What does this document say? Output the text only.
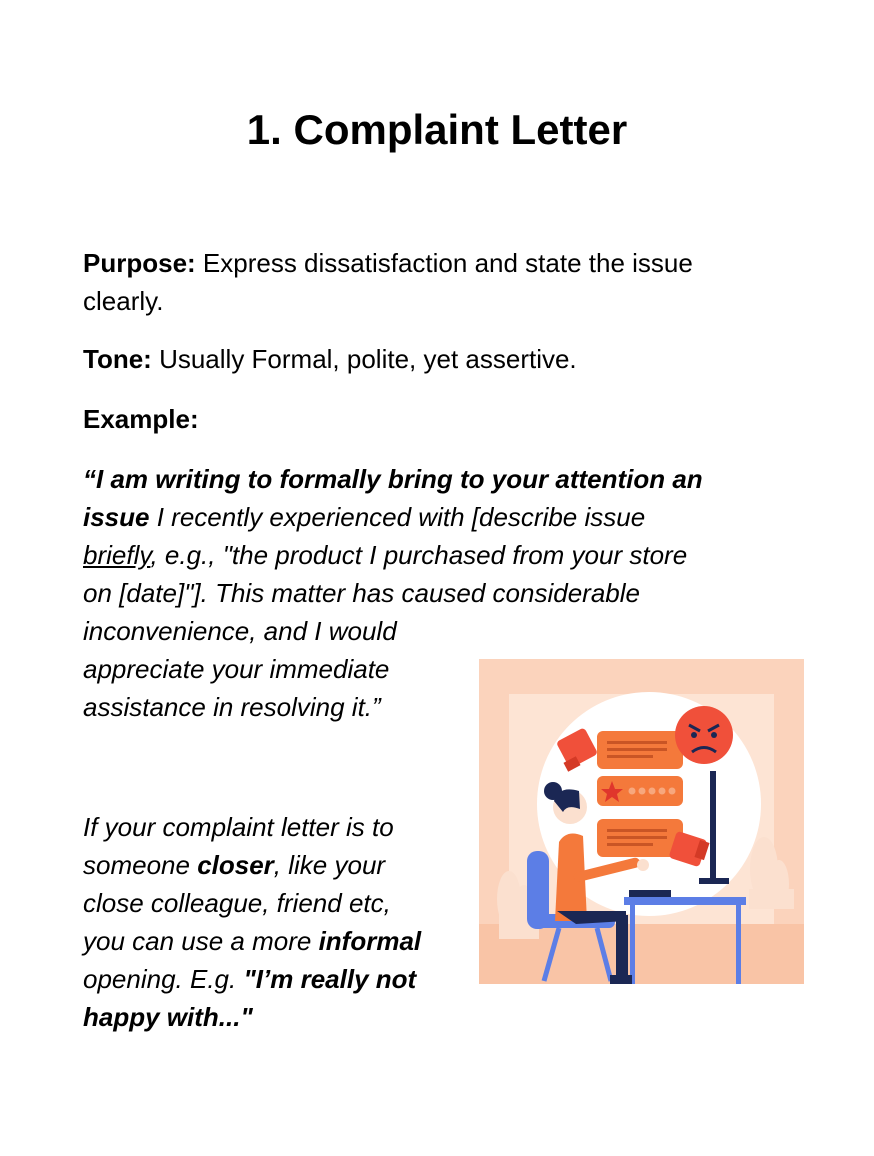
1. Complaint Letter
Purpose: Express dissatisfaction and state the issue
clearly.
Tone: Usually Formal, polite, yet assertive.
Example:
“I am writing to formally bring to your attention an
issue I recently experienced with [describe issue
briefly, e.g., "the product I purchased from your store
on [date]"]. This matter has caused considerable
inconvenience, and I would
appreciate your immediate
assistance in resolving it.”
If your complaint letter is to
someone closer, like your
close colleague, friend etc,
you can use a more informal
opening. E.g. "I’m really not
happy with..."
